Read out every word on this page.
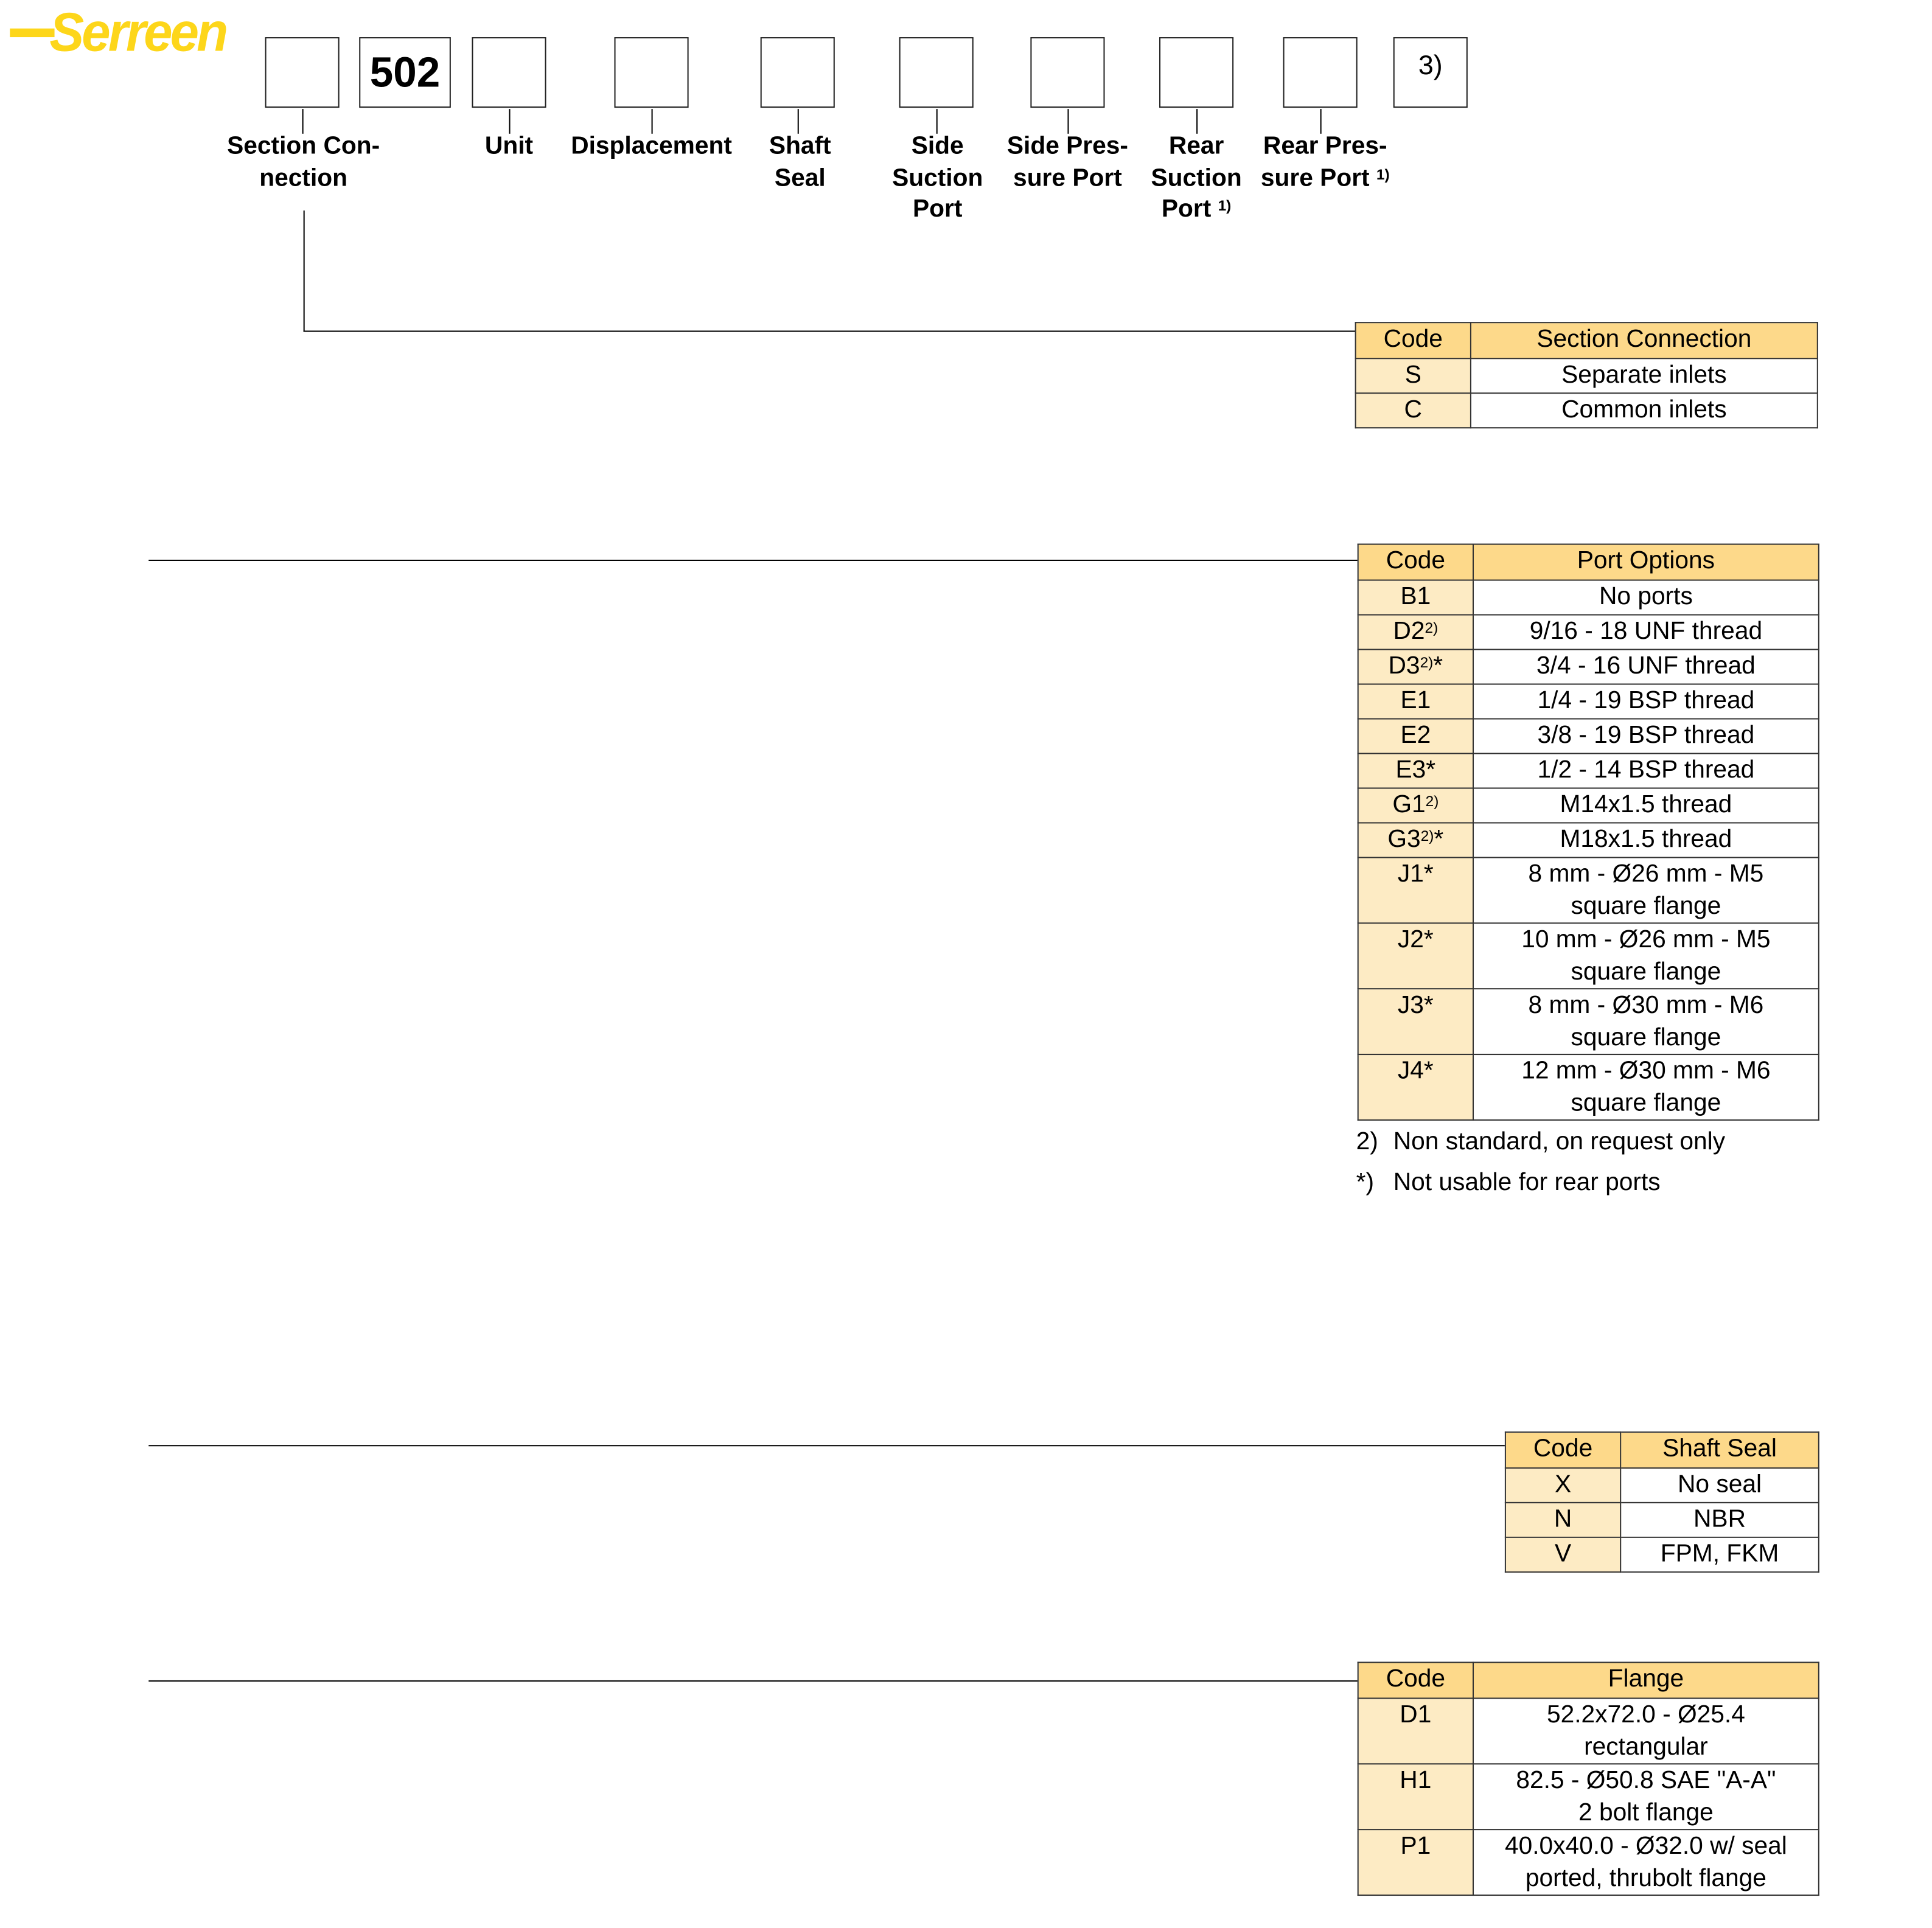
Serreen
502	3)
Section Con-
nection
Unit	Displacement	Shaft
Seal
Side
Suction
Port
Side Pres-
sure Port
Rear
Suction
Port $^{1)}$
Rear Pres-
sure Port $^{1)}$
Code	Section Connection
S	Separate inlets
C	Common inlets
Code	Port Options
B1	No ports

D2$^{2)}$	9/16 - 18 UNF thread

D3$^{2)}$*	3/4 - 16 UNF thread

E1	1/4 - 19 BSP thread

E2	3/8 - 19 BSP thread

E3*	1/2 - 14 BSP thread

G1$^{2)}$	M14x1.5 thread

G3$^{2)}$*	M18x1.5 thread

J1*	8 mm - Ø26 mm - M5
square flange

J2*	10 mm - Ø26 mm - M5
square flange

J3*	8 mm - Ø30 mm - M6
square flange

J4*	12 mm - Ø30 mm - M6
square flange
2) Non standard, on request only
*) Not usable for rear ports
Code	Shaft Seal
X	No seal
N	NBR
V	FPM, FKM
Code	Flange
D1	52.2x72.0 - Ø25.4
rectangular

H1	82.5 - Ø50.8 SAE "A-A"
2 bolt flange

P1	40.0x40.0 - Ø32.0 w/ seal
ported, thrubolt flange
